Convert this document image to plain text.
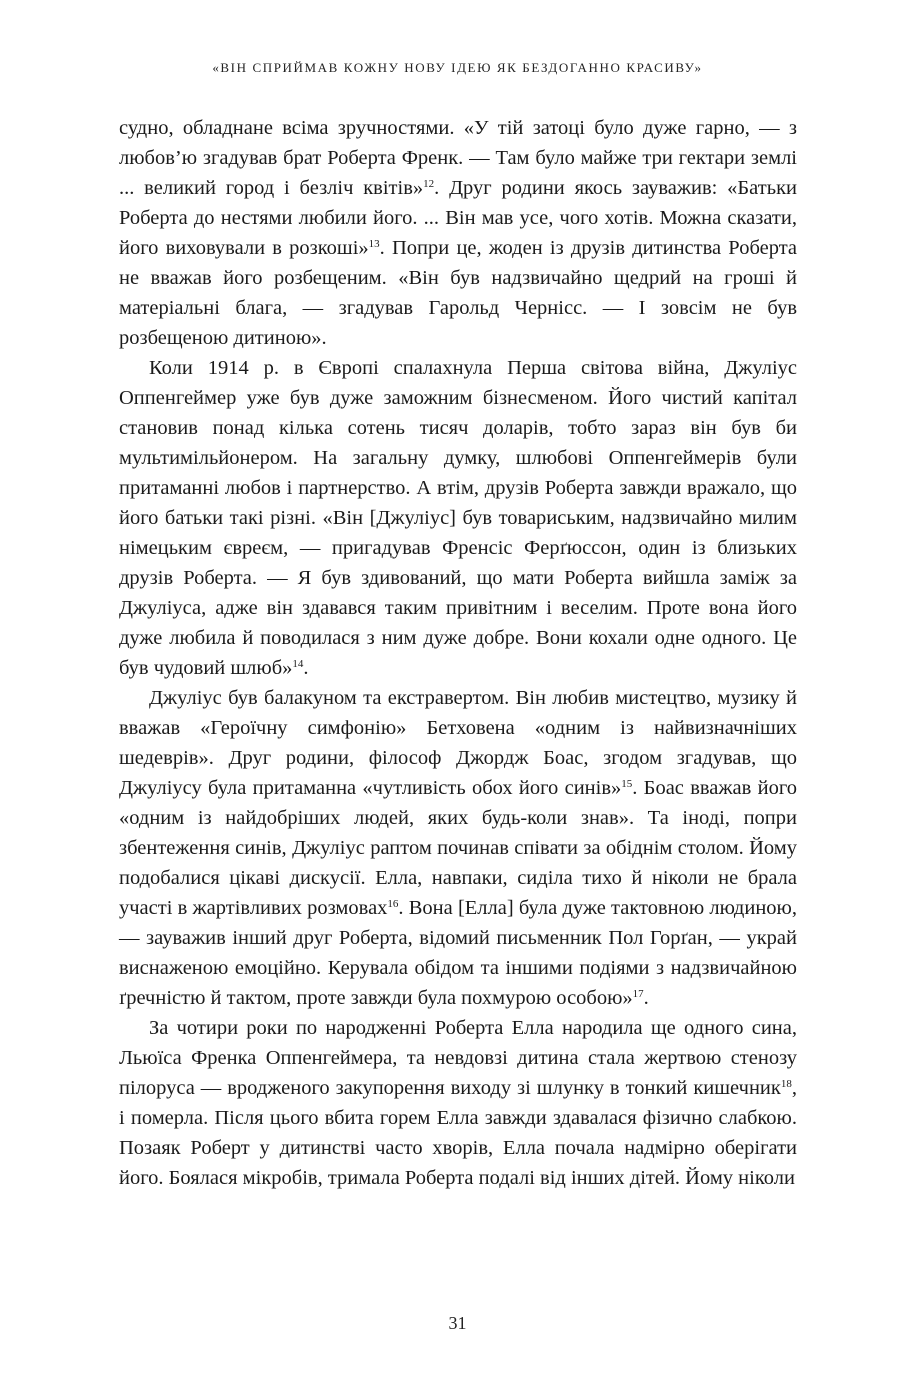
«ВІН СПРИЙМАВ КОЖНУ НОВУ ІДЕЮ ЯК БЕЗДОГАННО КРАСИВУ»

судно, обладнане всіма зручностями. «У тій затоці було дуже гарно, — з любов’ю згадував брат Роберта Френк. — Там було майже три гектари землі ... великий город і безліч квітів»$^{12}$. Друг родини якось зауважив: «Батьки Роберта до нестями любили його. ... Він мав усе, чого хотів. Можна сказати, його виховували в розкоші»$^{13}$. Попри це, жоден із друзів дитинства Роберта не вважав його розбещеним. «Він був надзвичайно щедрий на гроші й матеріальні блага, — згадував Гарольд Чернісс. — І зовсім не був розбещеною дитиною».

Коли 1914 р. в Європі спалахнула Перша світова війна, Джуліус Оппенгеймер уже був дуже заможним бізнесменом. Його чистий капітал становив понад кілька сотень тисяч доларів, тобто зараз він був би мультимільйонером. На загальну думку, шлюбові Оппенгеймерів були притаманні любов і партнерство. А втім, друзів Роберта завжди вражало, що його батьки такі різні. «Він [Джуліус] був товариським, надзвичайно милим німецьким євреєм, — пригадував Френсіс Ферґюссон, один із близьких друзів Роберта. — Я був здивований, що мати Роберта вийшла заміж за Джуліуса, адже він здавався таким привітним і веселим. Проте вона його дуже любила й поводилася з ним дуже добре. Вони кохали одне одного. Це був чудовий шлюб»$^{14}$.

Джуліус був балакуном та екстравертом. Він любив мистецтво, музику й вважав «Героїчну симфонію» Бетховена «одним із найвизначніших шедеврів». Друг родини, філософ Джордж Боас, згодом згадував, що Джуліусу була притаманна «чутливість обох його синів»$^{15}$. Боас вважав його «одним із найдобріших людей, яких будь-коли знав». Та іноді, попри збентеження синів, Джуліус раптом починав співати за обіднім столом. Йому подобалися цікаві дискусії. Елла, навпаки, сиділа тихо й ніколи не брала участі в жартівливих розмовах$^{16}$. Вона [Елла] була дуже тактовною людиною, — зауважив інший друг Роберта, відомий письменник Пол Горґан, — украй виснаженою емоційно. Керувала обідом та іншими подіями з надзвичайною ґречністю й тактом, проте завжди була похмурою особою»$^{17}$.

За чотири роки по народженні Роберта Елла народила ще одного сина, Льюїса Френка Оппенгеймера, та невдовзі дитина стала жертвою стенозу пілоруса — вродженого закупорення виходу зі шлунку в тонкий кишечник$^{18}$, і померла. Після цього вбита горем Елла завжди здавалася фізично слабкою. Позаяк Роберт у дитинстві часто хворів, Елла почала надмірно оберігати його. Боялася мікробів, тримала Роберта подалі від інших дітей. Йому ніколи

31
